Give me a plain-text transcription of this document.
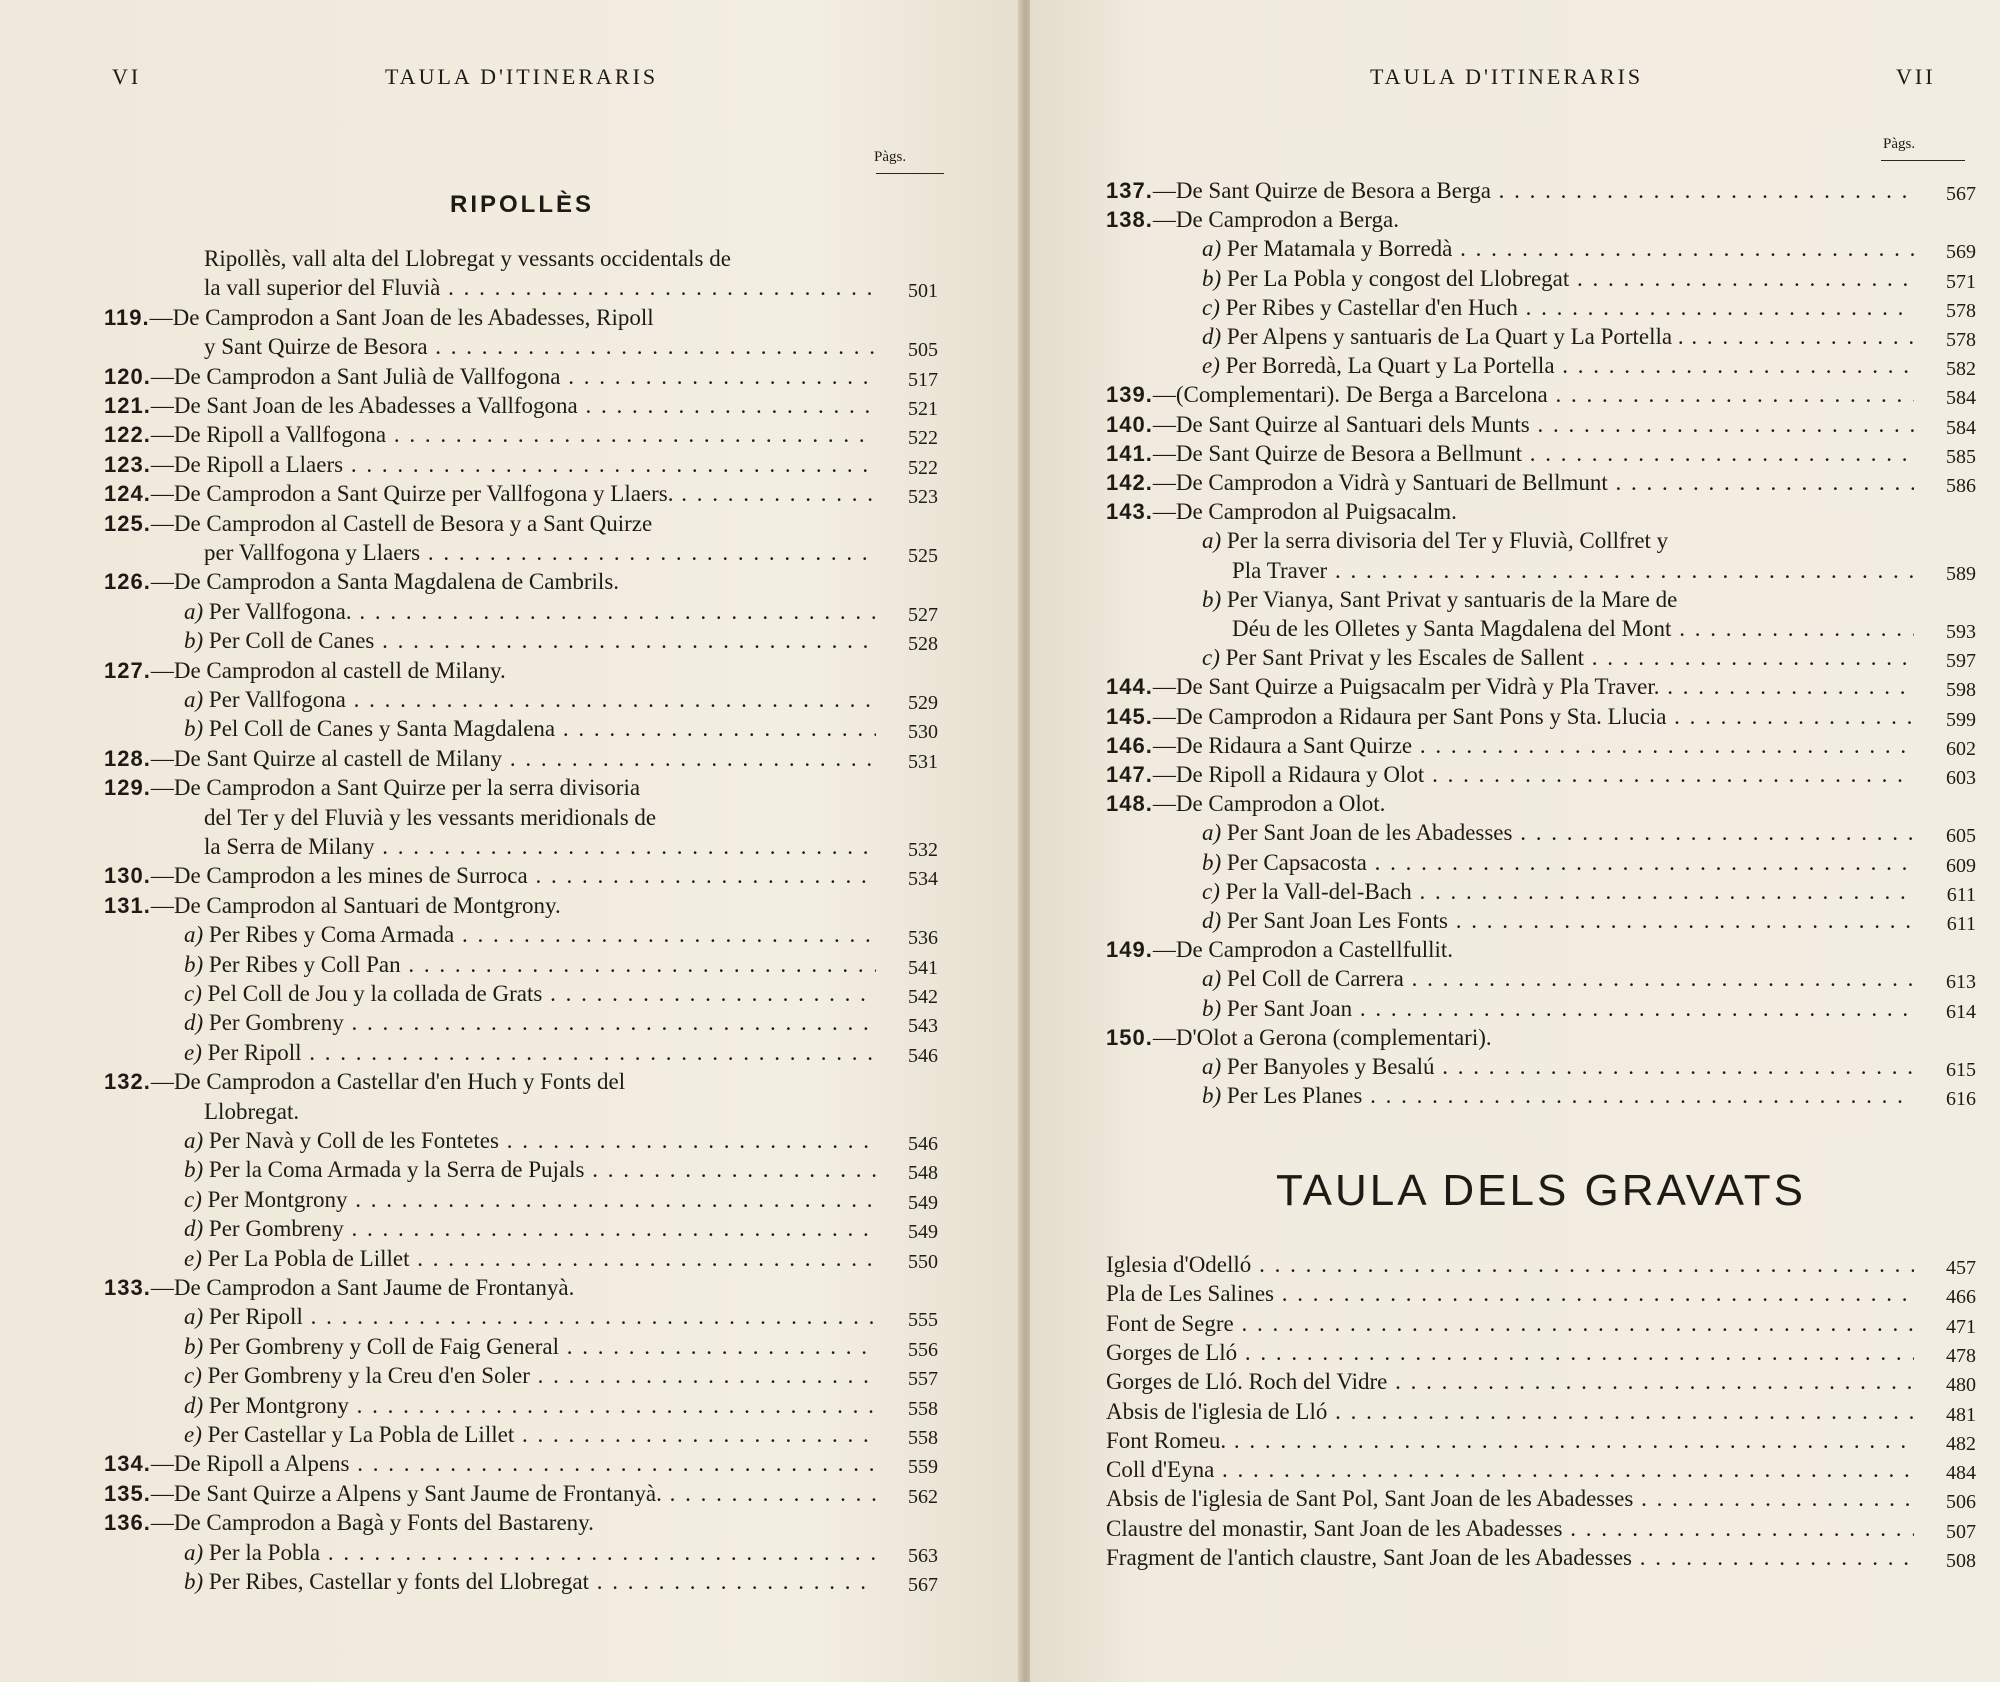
VI	TAULA D'ITINERARIS
Pàgs.
RIPOLLÈS
Ripollès, vall alta del Llobregat y vessants occidentals de
la vall superior del Fluvià . . .	501
119.—De Camprodon a Sant Joan de les Abadesses, Ripoll
y Sant Quirze de Besora . . .	505
120.—De Camprodon a Sant Julià de Vallfogona . . .	517
121.—De Sant Joan de les Abadesses a Vallfogona . . .	521
122.—De Ripoll a Vallfogona . . .	522
123.—De Ripoll a Llaers . . .	522
124.—De Camprodon a Sant Quirze per Vallfogona y Llaers. . . .	523
125.—De Camprodon al Castell de Besora y a Sant Quirze
per Vallfogona y Llaers . . .	525
126.—De Camprodon a Santa Magdalena de Cambrils.
a) Per Vallfogona. . . .	527
b) Per Coll de Canes . . .	528
127.—De Camprodon al castell de Milany.
a) Per Vallfogona . . .	529
b) Pel Coll de Canes y Santa Magdalena . . .	530
128.—De Sant Quirze al castell de Milany . . .	531
129.—De Camprodon a Sant Quirze per la serra divisoria
del Ter y del Fluvià y les vessants meridionals de
la Serra de Milany . . .	532
130.—De Camprodon a les mines de Surroca . . .	534
131.—De Camprodon al Santuari de Montgrony.
a) Per Ribes y Coma Armada . . .	536
b) Per Ribes y Coll Pan . . .	541
c) Pel Coll de Jou y la collada de Grats . . .	542
d) Per Gombreny . . .	543
e) Per Ripoll . . .	546
132.—De Camprodon a Castellar d'en Huch y Fonts del
Llobregat.
a) Per Navà y Coll de les Fontetes . . .	546
b) Per la Coma Armada y la Serra de Pujals . . .	548
c) Per Montgrony . . .	549
d) Per Gombreny . . .	549
e) Per La Pobla de Lillet . . .	550
133.—De Camprodon a Sant Jaume de Frontanyà.
a) Per Ripoll . . .	555
b) Per Gombreny y Coll de Faig General . . .	556
c) Per Gombreny y la Creu d'en Soler . . .	557
d) Per Montgrony . . .	558
e) Per Castellar y La Pobla de Lillet . . .	558
134.—De Ripoll a Alpens . . .	559
135.—De Sant Quirze a Alpens y Sant Jaume de Frontanyà. . . .	562
136.—De Camprodon a Bagà y Fonts del Bastareny.
a) Per la Pobla . . .	563
b) Per Ribes, Castellar y fonts del Llobregat . . .	567
TAULA D'ITINERARIS	VII
Pàgs.
137.—De Sant Quirze de Besora a Berga . . .	567
138.—De Camprodon a Berga.
a) Per Matamala y Borredà . . .	569
b) Per La Pobla y congost del Llobregat . . .	571
c) Per Ribes y Castellar d'en Huch . . .	578
d) Per Alpens y santuaris de La Quart y La Portella . . . .	578
e) Per Borredà, La Quart y La Portella . . .	582
139.—(Complementari). De Berga a Barcelona . . .	584
140.—De Sant Quirze al Santuari dels Munts . . .	584
141.—De Sant Quirze de Besora a Bellmunt . . .	585
142.—De Camprodon a Vidrà y Santuari de Bellmunt . . .	586
143.—De Camprodon al Puigsacalm.
a) Per la serra divisoria del Ter y Fluvià, Collfret y
Pla Traver . . .	589
b) Per Vianya, Sant Privat y santuaris de la Mare de
Déu de les Olletes y Santa Magdalena del Mont . . .	593
c) Per Sant Privat y les Escales de Sallent . . .	597
144.—De Sant Quirze a Puigsacalm per Vidrà y Pla Traver. . . .	598
145.—De Camprodon a Ridaura per Sant Pons y Sta. Llucia . . .	599
146.—De Ridaura a Sant Quirze . . .	602
147.—De Ripoll a Ridaura y Olot . . .	603
148.—De Camprodon a Olot.
a) Per Sant Joan de les Abadesses . . .	605
b) Per Capsacosta . . .	609
c) Per la Vall-del-Bach . . .	611
d) Per Sant Joan Les Fonts . . .	611
149.—De Camprodon a Castellfullit.
a) Pel Coll de Carrera . . .	613
b) Per Sant Joan . . .	614
150.—D'Olot a Gerona (complementari).
a) Per Banyoles y Besalú . . .	615
b) Per Les Planes . . .	616
TAULA DELS GRAVATS
Iglesia d'Odelló . . .	457
Pla de Les Salines . . .	466
Font de Segre . . .	471
Gorges de Lló . . .	478
Gorges de Lló. Roch del Vidre . . .	480
Absis de l'iglesia de Lló . . .	481
Font Romeu. . . .	482
Coll d'Eyna . . .	484
Absis de l'iglesia de Sant Pol, Sant Joan de les Abadesses . . .	506
Claustre del monastir, Sant Joan de les Abadesses . . .	507
Fragment de l'antich claustre, Sant Joan de les Abadesses . . .	508
